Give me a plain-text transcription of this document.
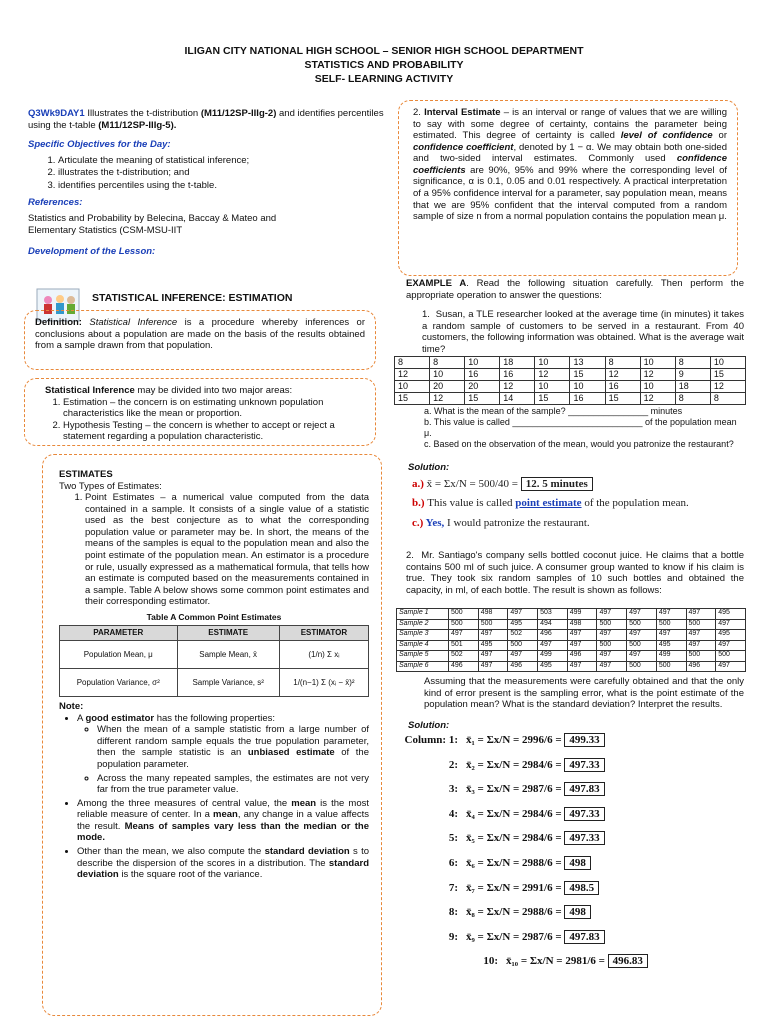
ILIGAN CITY NATIONAL HIGH SCHOOL – SENIOR HIGH SCHOOL DEPARTMENT
STATISTICS AND PROBABILITY
SELF- LEARNING ACTIVITY

Q3Wk9DAY1 Illustrates the t-distribution (M11/12SP-IIIg-2) and identifies percentiles using the t-table (M11/12SP-IIIg-5).

Specific Objectives for the Day:

1. Articulate the meaning of statistical inference;
2. illustrates the t-distribution; and
3. identifies percentiles using the t-table.

References:

Statistics and Probability by Belecina, Baccay & Mateo and

Elementary Statistics (CSM-MSU-IIT

Development of the Lesson:

STATISTICAL INFERENCE: ESTIMATION
Definition: Statistical Inference is a procedure whereby inferences or conclusions about a population are made on the basis of the results obtained from a sample drawn from that population.
Statistical Inference may be divided into two major areas:
1. Estimation – the concern is on estimating unknown population characteristics like the mean or proportion.
2. Hypothesis Testing – the concern is whether to accept or reject a statement regarding a population characteristic.
ESTIMATES
Two Types of Estimates:
1. Point Estimates – a numerical value computed from the data contained in a sample. It consists of a single value of a statistic used as the best conjecture as to what the corresponding population value or parameter may be. In short, the means of the means of the samples is equal to the population mean and also the point estimate of the population mean. An estimator is a procedure or rule, usually expressed as a mathematical formula, that tells how an estimate is computed based on the measurements contained in a sample. Table A below shows some common point estimates and their corresponding estimator.
Table A Common Point Estimates
PARAMETER	ESTIMATE	ESTIMATOR
Population Mean, μ	Sample Mean, x̄	(1/n) Σ xᵢ
Population Variance, σ²	Sample Variance, s²	1/(n−1) Σ (xᵢ − x̄)²
Note:
• A good estimator has the following properties:
◦ When the mean of a sample statistic from a large number of different random sample equals the true population parameter, then the sample statistic is an unbiased estimate of the population parameter.
◦ Across the many repeated samples, the estimates are not very far from the true parameter value.
• Among the three measures of central value, the mean is the most reliable measure of center. In a mean, any change in a value affects the result. Means of samples vary less than the median or the mode.
• Other than the mean, we also compute the standard deviation s to describe the dispersion of the scores in a distribution. The standard deviation is the square root of the variance.
2. Interval Estimate – is an interval or range of values that we are willing to say with some degree of certainty, contains the parameter being estimated. This degree of certainty is called level of confidence or confidence coefficient, denoted by 1 − α. We may obtain both one-sided and two-sided interval estimates. Commonly used confidence coefficients are 90%, 95% and 99% where the corresponding level of significance, α is 0.1, 0.05 and 0.01 respectively. A practical interpretation of a 95% confidence interval for a parameter, say population mean, means that we are 95% confident that the interval computed from a random sample of size n from a normal population contains the population mean μ.

EXAMPLE A. Read the following situation carefully. Then perform the appropriate operation to answer the questions:

1.  Susan, a TLE researcher looked at the average time (in minutes) it takes a random sample of customers to be served in a restaurant. From 40 customers, the following information was obtained. What is the average wait time?

8	8	10	18	10	13	8	10	8	10
12	10	16	16	12	15	12	12	9	15
10	20	20	12	10	10	16	10	18	12
15	12	15	14	15	16	15	12	8	8
a. What is the mean of the sample? ________________ minutes
b. This value is called __________________________ of the population mean μ.
c. Based on the observation of the mean, would you patronize the restaurant?
Solution:
a.) x̄ = Σx/N = 500/40 = 12. 5 minutes
b.) This value is called point estimate of the population mean.
c.) Yes, I would patronize the restaurant.
2.  Mr. Santiago's company sells bottled coconut juice. He claims that a bottle contains 500 ml of such juice. A consumer group wanted to know if his claim is true. They took six random samples of 10 such bottles and obtained the capacity, in ml, of each bottle. The result is shown as follows:
Sample 1	500	498	497	503	499	497	497	497	497	495
Sample 2	500	500	495	494	498	500	500	500	500	497
Sample 3	497	497	502	496	497	497	497	497	497	495
Sample 4	501	495	500	497	497	500	500	495	497	497
Sample 5	502	497	497	499	496	497	497	499	500	500
Sample 6	496	497	496	495	497	497	500	500	496	497
Assuming that the measurements were carefully obtained and that the only kind of error present is the sampling error, what is the point estimate of the population mean? What is the standard deviation? Interpret the results.
Solution:
Column: 1: x̄₁ = Σx/N = 2996/6 = 499.33
2: x̄₂ = Σx/N = 2984/6 = 497.33
3: x̄₃ = Σx/N = 2987/6 = 497.83
4: x̄₄ = Σx/N = 2984/6 = 497.33
5: x̄₅ = Σx/N = 2984/6 = 497.33
6: x̄₆ = Σx/N = 2988/6 = 498
7: x̄₇ = Σx/N = 2991/6 = 498.5
8: x̄₈ = Σx/N = 2988/6 = 498
9: x̄₉ = Σx/N = 2987/6 = 497.83
10: x̄₁₀ = Σx/N = 2981/6 = 496.83
